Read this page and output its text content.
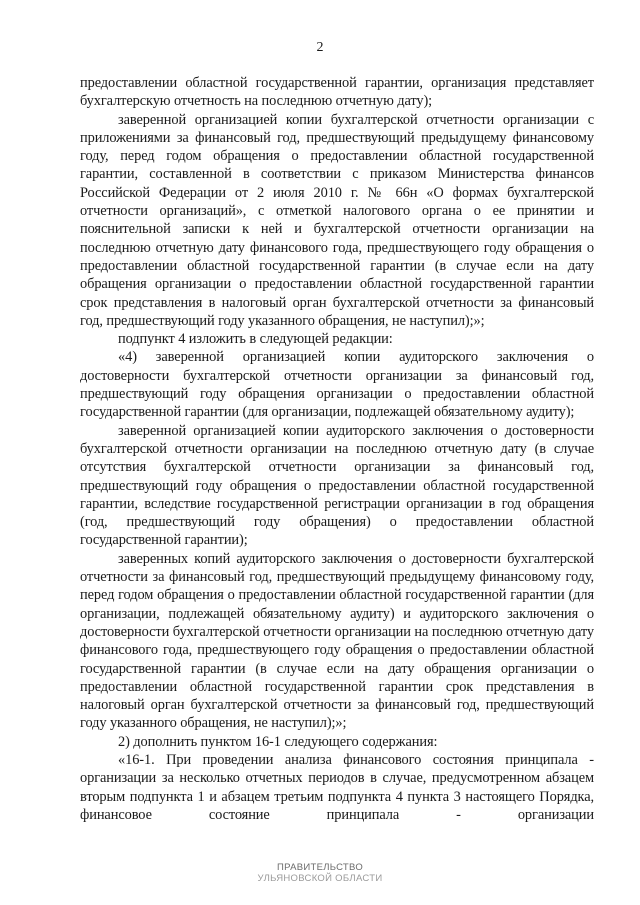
2

предоставлении областной государственной гарантии, организация представляет бухгалтерскую отчетность на последнюю отчетную дату);

заверенной организацией копии бухгалтерской отчетности организации с приложениями за финансовый год, предшествующий предыдущему финансовому году, перед годом обращения о предоставлении областной государственной гарантии, составленной в соответствии с приказом Министерства финансов Российской Федерации от 2 июля 2010 г. № 66н «О формах бухгалтерской отчетности организаций», с отметкой налогового органа о ее принятии и пояснительной записки к ней и бухгалтерской отчетности организации на последнюю отчетную дату финансового года, предшествующего году обращения о предоставлении областной государственной гарантии (в случае если на дату обращения организации о предоставлении областной государственной гарантии срок представления в налоговый орган бухгалтерской отчетности за финансовый год, предшествующий году указанного обращения, не наступил);»;

подпункт 4 изложить в следующей редакции:

«4) заверенной организацией копии аудиторского заключения о достоверности бухгалтерской отчетности организации за финансовый год, предшествующий году обращения организации о предоставлении областной государственной гарантии (для организации, подлежащей обязательному аудиту);

заверенной организацией копии аудиторского заключения о достоверности бухгалтерской отчетности организации на последнюю отчетную дату (в случае отсутствия бухгалтерской отчетности организации за финансовый год, предшествующий году обращения о предоставлении областной государственной гарантии, вследствие государственной регистрации организации в год обращения (год, предшествующий году обращения) о предоставлении областной государственной гарантии);

заверенных копий аудиторского заключения о достоверности бухгалтерской отчетности за финансовый год, предшествующий предыдущему финансовому году, перед годом обращения о предоставлении областной государственной гарантии (для организации, подлежащей обязательному аудиту) и аудиторского заключения о достоверности бухгалтерской отчетности организации на последнюю отчетную дату финансового года, предшествующего году обращения о предоставлении областной государственной гарантии (в случае если на дату обращения организации о предоставлении областной государственной гарантии срок представления в налоговый орган бухгалтерской отчетности за финансовый год, предшествующий году указанного обращения, не наступил);»;

2) дополнить пунктом 16-1 следующего содержания:

«16-1. При проведении анализа финансового состояния принципала - организации за несколько отчетных периодов в случае, предусмотренном абзацем вторым подпункта 1 и абзацем третьим подпункта 4 пункта 3 настоящего Порядка, финансовое состояние принципала - организации

ПРАВИТЕЛЬСТВО
УЛЬЯНОВСКОЙ ОБЛАСТИ
